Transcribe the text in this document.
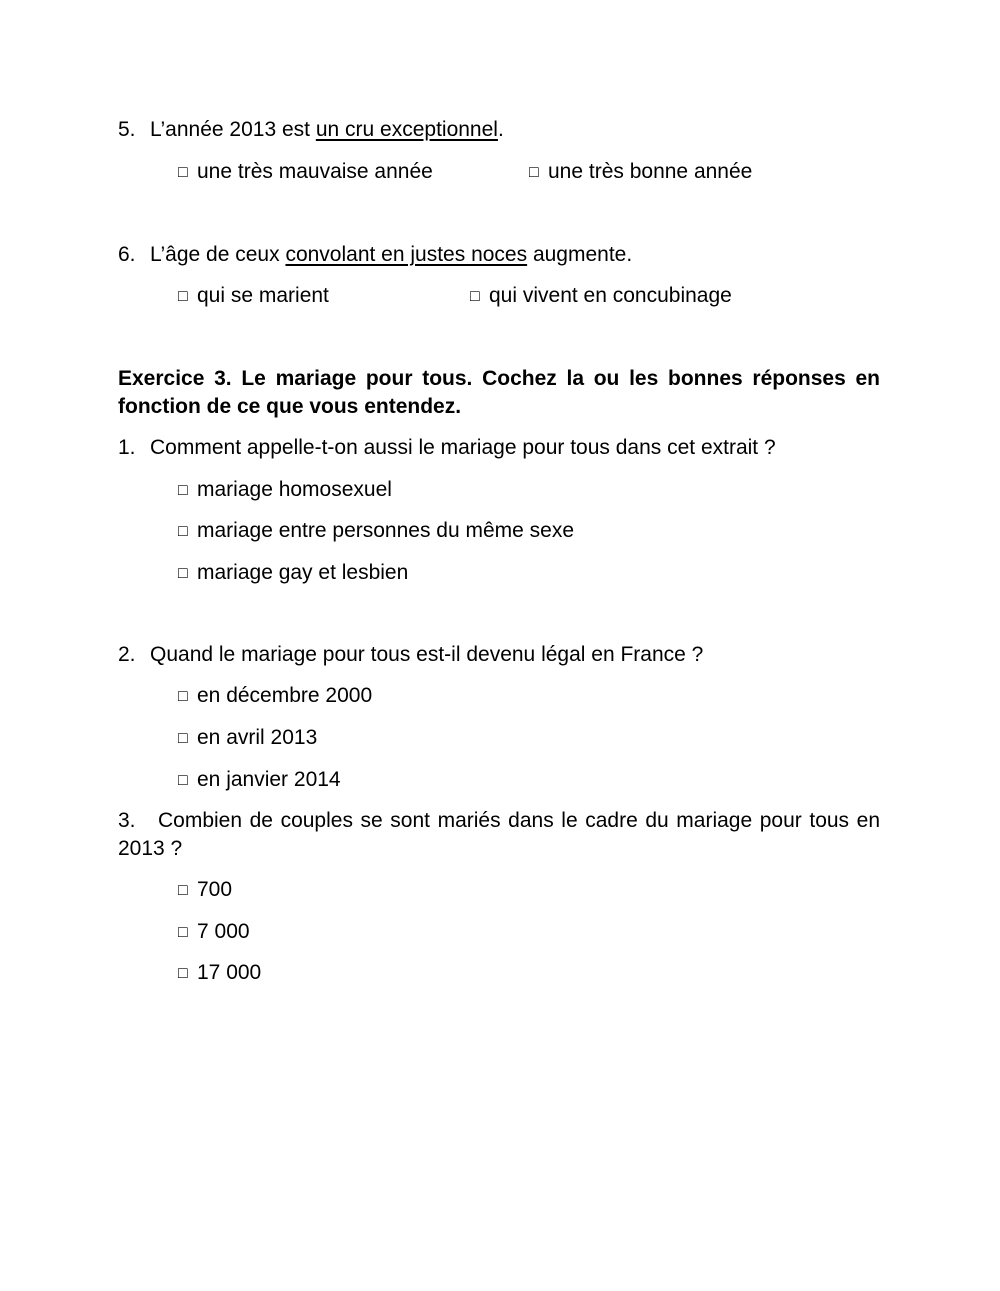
5. L’année 2013 est un cru exceptionnel.
□ une très mauvaise année	□ une très bonne année
6. L’âge de ceux convolant en justes noces augmente.
□ qui se marient	□ qui vivent en concubinage
Exercice 3. Le mariage pour tous. Cochez la ou les bonnes réponses en fonction de ce que vous entendez.
1. Comment appelle-t-on aussi le mariage pour tous dans cet extrait ?
□ mariage homosexuel
□ mariage entre personnes du même sexe
□ mariage gay et lesbien
2. Quand le mariage pour tous est-il devenu légal en France ?
□ en décembre 2000
□ en avril 2013
□ en janvier 2014
3. Combien de couples se sont mariés dans le cadre du mariage pour tous en 2013 ?
□ 700
□ 7 000
□ 17 000
